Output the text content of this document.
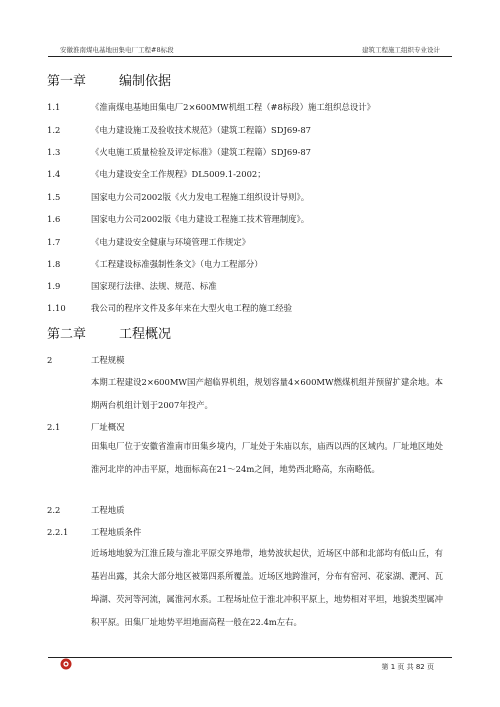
安徽淮南煤电基地田集电厂工程#8标段	建筑工程施工组织专业设计
第一章	编制依据
1.1	《淮南煤电基地田集电厂2×600MW机组工程（#8标段）施工组织总设计》
1.2	《电力建设施工及验收技术规范》（建筑工程篇）SDJ69-87
1.3	《火电施工质量检验及评定标准》（建筑工程篇）SDJ69-87
1.4	《电力建设安全工作规程》DL5009.1-2002；
1.5	国家电力公司2002版《火力发电工程施工组织设计导则》。
1.6	国家电力公司2002版《电力建设工程施工技术管理制度》。
1.7	《电力建设安全健康与环境管理工作规定》
1.8	《工程建设标准强制性条文》（电力工程部分）
1.9	国家现行法律、法规、规范、标准
1.10	我公司的程序文件及多年来在大型火电工程的施工经验
第二章	工程概况
2	工程规模
本期工程建设2×600MW国产超临界机组，规划容量4×600MW燃煤机组并预留扩建余地。本期两台机组计划于2007年投产。
2.1	厂址概况
田集电厂位于安徽省淮南市田集乡境内，厂址处于朱庙以东，庙西以西的区域内。厂址地区地处淮河北岸的冲击平原，地面标高在21～24m之间，地势西北略高，东南略低。
2.2	工程地质
2.2.1	工程地质条件
近场地地貌为江淮丘陵与淮北平原交界地带，地势波状起伏，近场区中部和北部均有低山丘，有基岩出露，其余大部分地区被第四系所覆盖。近场区地跨淮河，分布有窑河、花家湖、淝河、瓦埠湖、芡河等河流，属淮河水系。工程场址位于淮北冲积平原上，地势相对平坦，地貌类型属冲积平原。田集厂址地势平坦地面高程一般在22.4m左右。
第 1 页 共 82 页
